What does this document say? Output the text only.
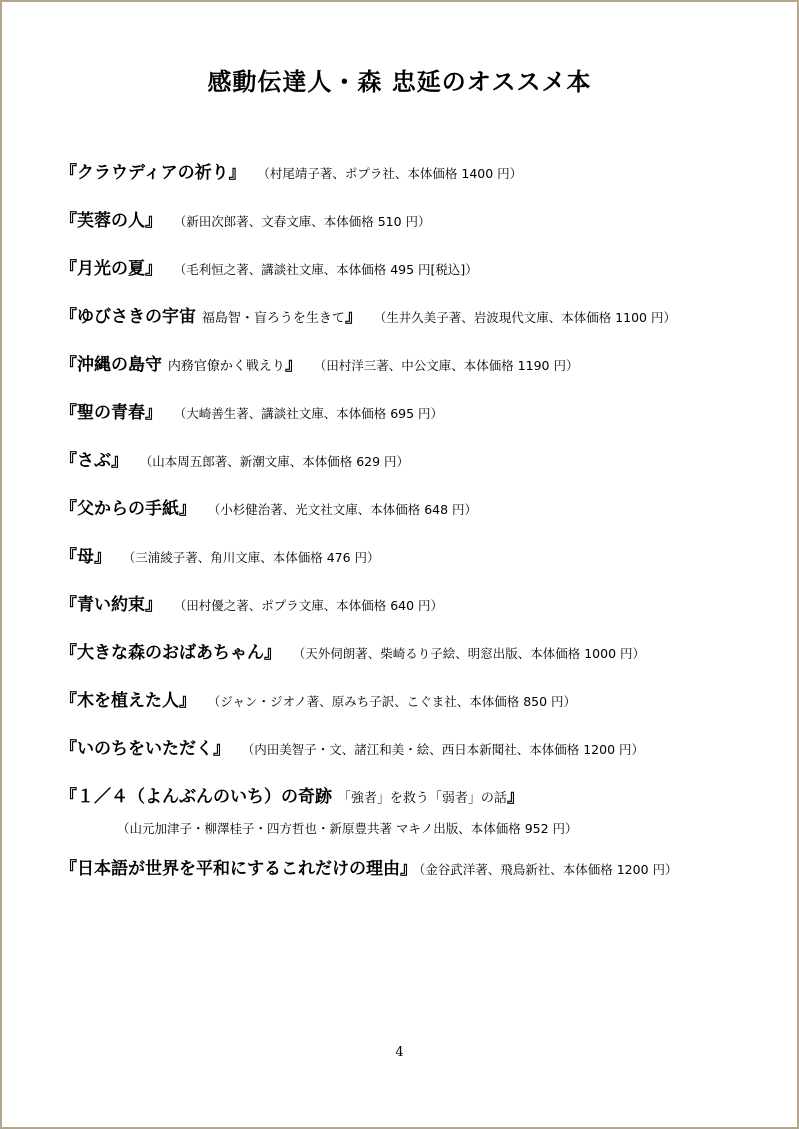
感動伝達人・森 忠延のオススメ本
『クラウディアの祈り』 （村尾靖子著、ポプラ社、本体価格 1400 円）
『芙蓉の人』 （新田次郎著、文春文庫、本体価格 510 円）
『月光の夏』 （毛利恒之著、講談社文庫、本体価格 495 円[税込]）
『ゆびさきの宇宙 福島智・盲ろうを生きて』 （生井久美子著、岩波現代文庫、本体価格 1100 円）
『沖縄の島守 内務官僚かく戦えり』 （田村洋三著、中公文庫、本体価格 1190 円）
『聖の青春』 （大崎善生著、講談社文庫、本体価格 695 円）
『さぶ』 （山本周五郎著、新潮文庫、本体価格 629 円）
『父からの手紙』 （小杉健治著、光文社文庫、本体価格 648 円）
『母』 （三浦綾子著、角川文庫、本体価格 476 円）
『青い約束』 （田村優之著、ポプラ文庫、本体価格 640 円）
『大きな森のおばあちゃん』 （天外伺朗著、柴崎るり子絵、明窓出版、本体価格 1000 円）
『木を植えた人』 （ジャン・ジオノ著、原みち子訳、こぐま社、本体価格 850 円）
『いのちをいただく』 （内田美智子・文、諸江和美・絵、西日本新聞社、本体価格 1200 円）
『１／４（よんぶんのいち）の奇跡 「強者」を救う「弱者」の話』
（山元加津子・柳澤桂子・四方哲也・新原豊共著 マキノ出版、本体価格 952 円）
『日本語が世界を平和にするこれだけの理由』 （金谷武洋著、飛鳥新社、本体価格 1200 円）
4
